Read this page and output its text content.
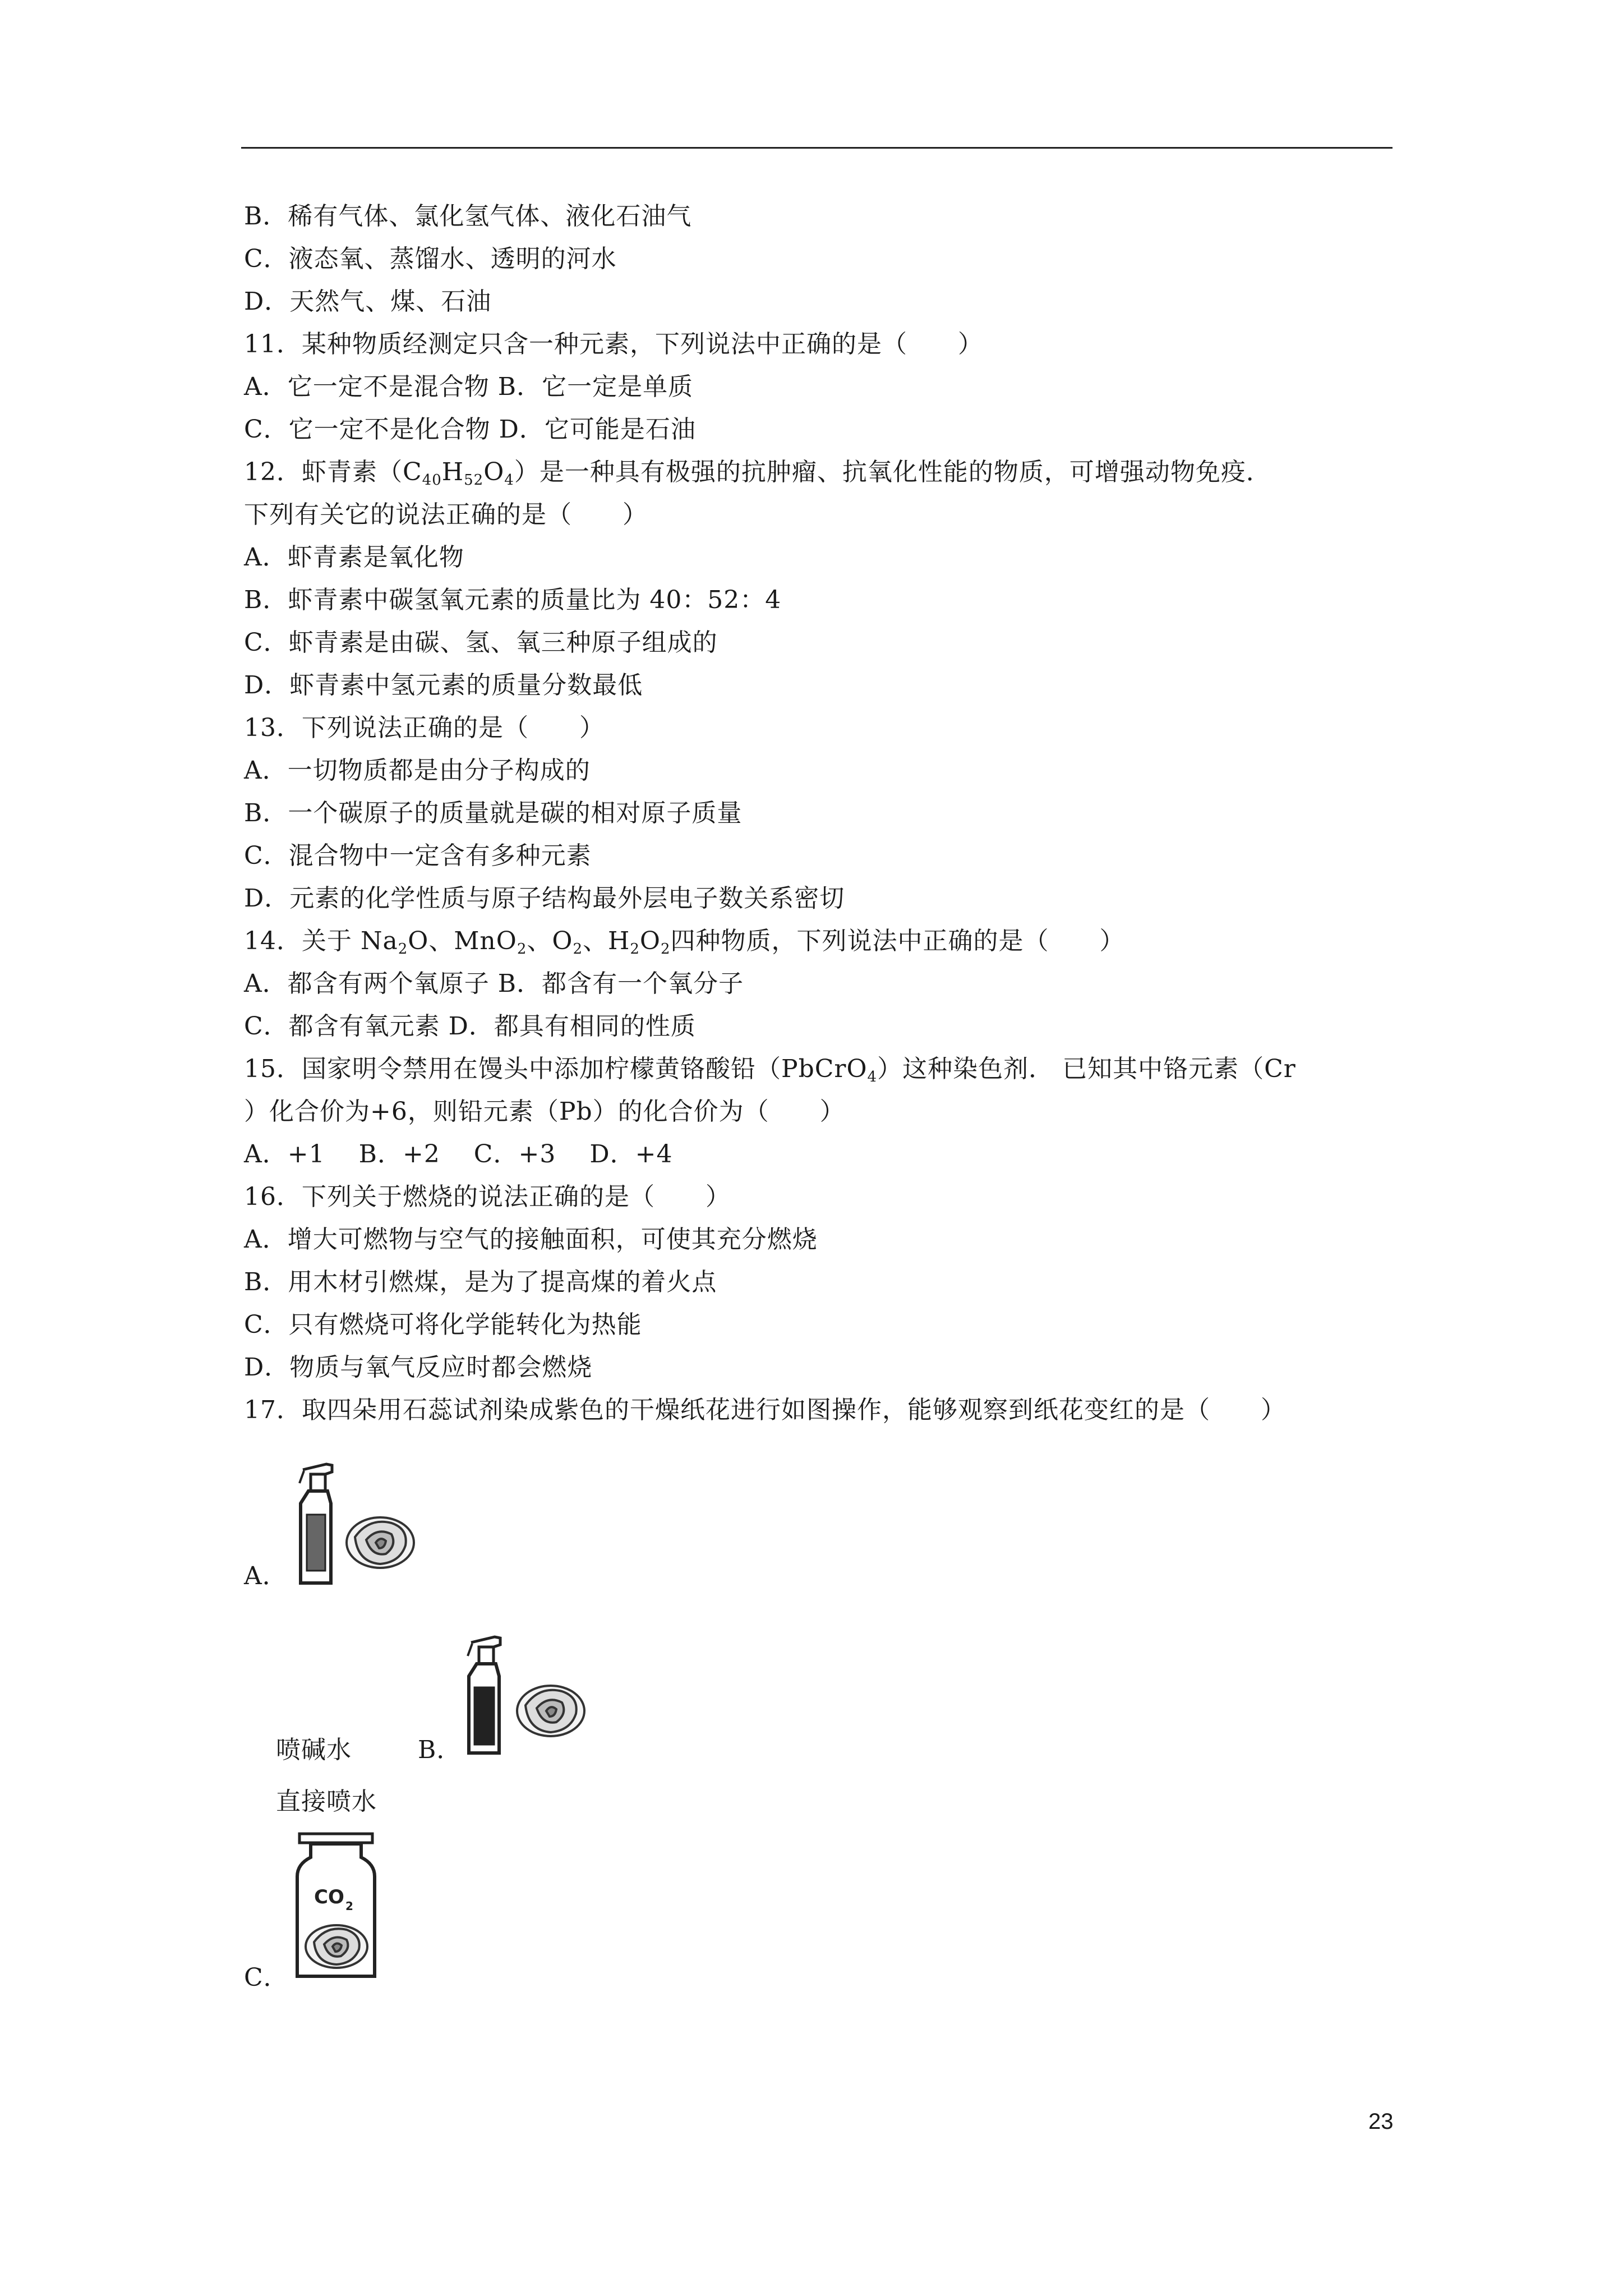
B．稀有气体、氯化氢气体、液化石油气
C．液态氧、蒸馏水、透明的河水
D．天然气、煤、石油
11．某种物质经测定只含一种元素，下列说法中正确的是（　　）
A．它一定不是混合物 B．它一定是单质
C．它一定不是化合物 D．它可能是石油
12．虾青素$(C_{40}H_{52}O_4)$是一种具有极强的抗肿瘤、抗氧化性能的物质，可增强动物免疫．
下列有关它的说法正确的是（　　）
A．虾青素是氧化物
B．虾青素中碳氢氧元素的质量比为 40：52：4
C．虾青素是由碳、氢、氧三种原子组成的
D．虾青素中氢元素的质量分数最低
13．下列说法正确的是（　　）
A．一切物质都是由分子构成的
B．一个碳原子的质量就是碳的相对原子质量
C．混合物中一定含有多种元素
D．元素的化学性质与原子结构最外层电子数关系密切
14．关于 $Na_2O$、MnO$_2$、$O_2$、$H_2O_2$四种物质，下列说法中正确的是（　　）
A．都含有两个氧原子 B．都含有一个氧分子
C．都含有氧元素 D．都具有相同的性质
15．国家明令禁用在馒头中添加柠檬黄铬酸铅（PbCrO$_4$）这种染色剂． 已知其中铬元素（Cr
）化合价为+6，则铅元素（Pb）的化合价为（　　）
A．+1　 B．+2　 C．+3　 D．+4
16．下列关于燃烧的说法正确的是（　　）
A．增大可燃物与空气的接触面积，可使其充分燃烧
B．用木材引燃煤，是为了提高煤的着火点
C．只有燃烧可将化学能转化为热能
D．物质与氧气反应时都会燃烧
17．取四朵用石蕊试剂染成紫色的干燥纸花进行如图操作，能够观察到纸花变红的是（　　）
A．
喷碱水	B．
直接喷水
C．
CO 2
23
